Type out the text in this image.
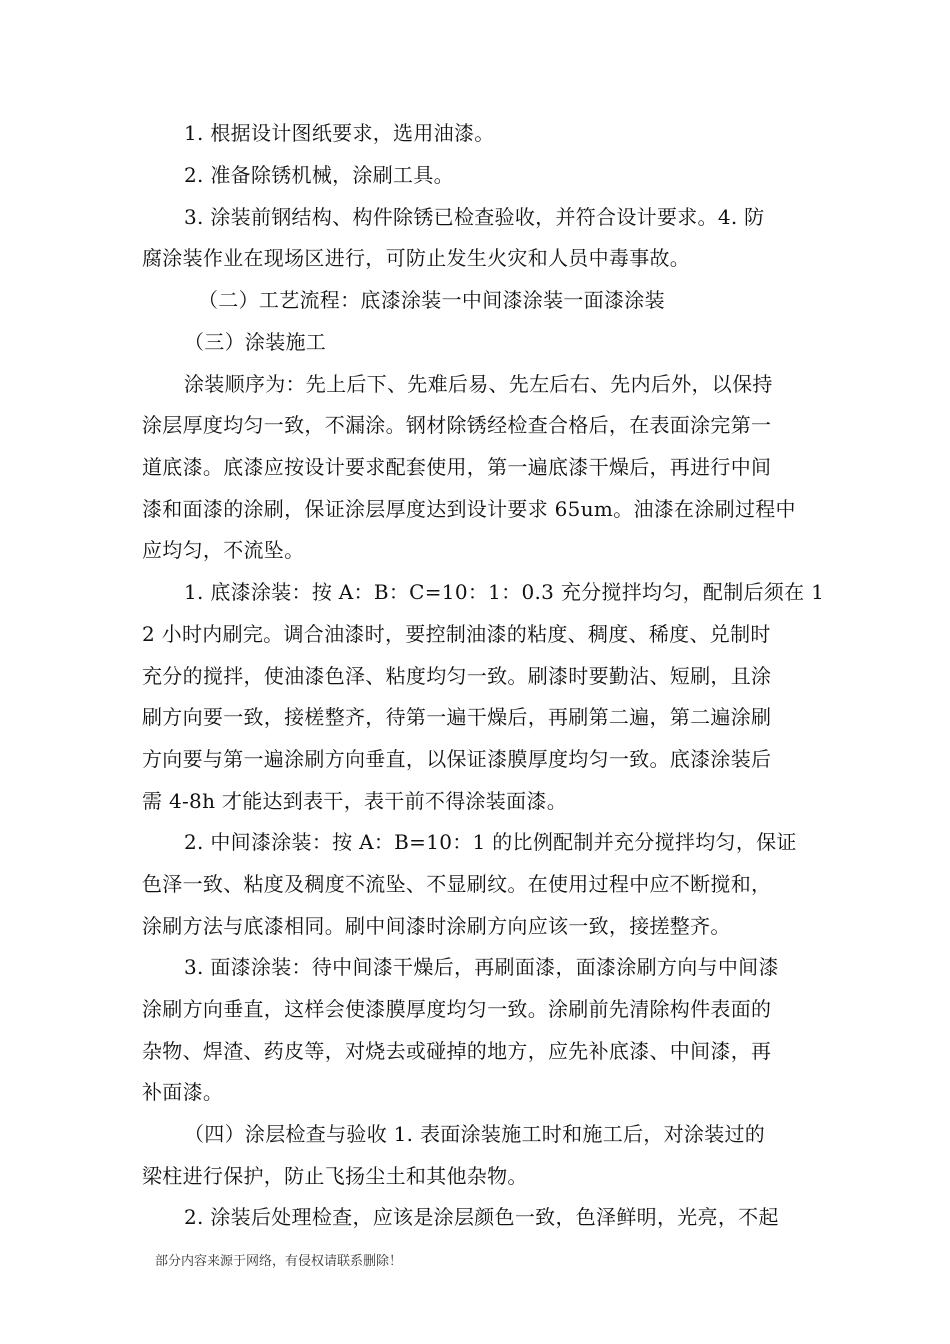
1. 根据设计图纸要求，选用油漆。
2. 准备除锈机械，涂刷工具。
3. 涂装前钢结构、构件除锈已检查验收，并符合设计要求。4. 防
腐涂装作业在现场区进行，可防止发生火灾和人员中毒事故。
（二）工艺流程：底漆涂装一中间漆涂装一面漆涂装
（三）涂装施工
涂装顺序为：先上后下、先难后易、先左后右、先内后外，以保持
涂层厚度均匀一致，不漏涂。钢材除锈经检查合格后，在表面涂完第一
道底漆。底漆应按设计要求配套使用，第一遍底漆干燥后，再进行中间
漆和面漆的涂刷，保证涂层厚度达到设计要求 65um。油漆在涂刷过程中
应均匀，不流坠。
1. 底漆涂装：按 A：B：C=10：1：0.3 充分搅拌均匀，配制后须在 1
2 小时内刷完。调合油漆时，要控制油漆的粘度、稠度、稀度、兑制时
充分的搅拌，使油漆色泽、粘度均匀一致。刷漆时要勤沾、短刷，且涂
刷方向要一致，接槎整齐，待第一遍干燥后，再刷第二遍，第二遍涂刷
方向要与第一遍涂刷方向垂直，以保证漆膜厚度均匀一致。底漆涂装后
需 4-8h 才能达到表干，表干前不得涂装面漆。
2. 中间漆涂装：按 A：B=10：1 的比例配制并充分搅拌均匀，保证
色泽一致、粘度及稠度不流坠、不显刷纹。在使用过程中应不断搅和，
涂刷方法与底漆相同。刷中间漆时涂刷方向应该一致，接搓整齐。
3. 面漆涂装：待中间漆干燥后，再刷面漆，面漆涂刷方向与中间漆
涂刷方向垂直，这样会使漆膜厚度均匀一致。涂刷前先清除构件表面的
杂物、焊渣、药皮等，对烧去或碰掉的地方，应先补底漆、中间漆，再
补面漆。
（四）涂层检查与验收 1. 表面涂装施工时和施工后，对涂装过的
梁柱进行保护，防止飞扬尘土和其他杂物。
2. 涂装后处理检查，应该是涂层颜色一致，色泽鲜明，光亮，不起
部分内容来源于网络，有侵权请联系删除！
